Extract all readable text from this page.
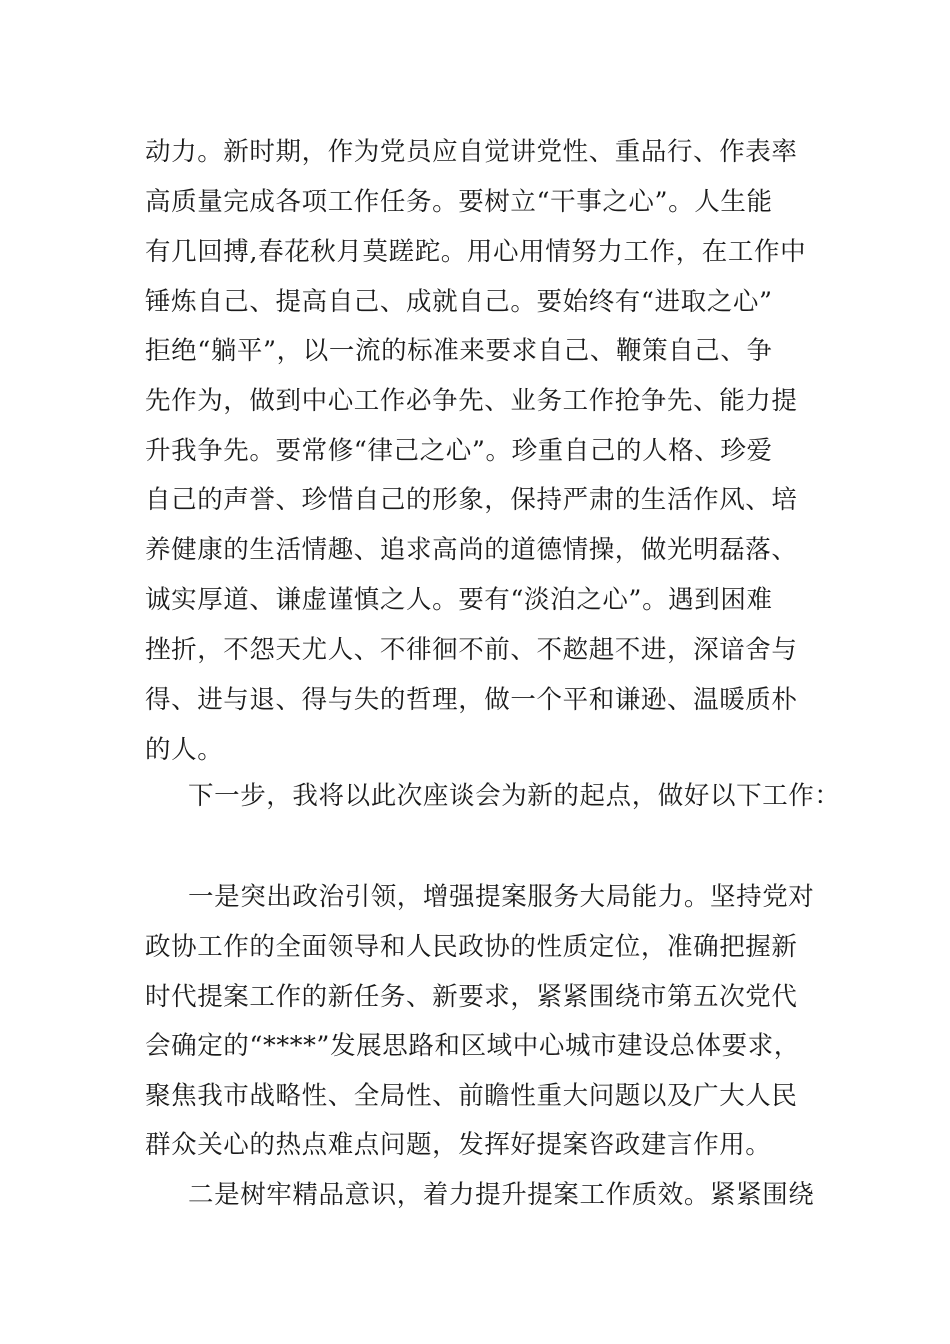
动力。新时期，作为党员应自觉讲党性、重品行、作表率
高质量完成各项工作任务。要树立“干事之心”。人生能
有几回搏,春花秋月莫蹉跎。用心用情努力工作，在工作中
锤炼自己、提高自己、成就自己。要始终有“进取之心”
拒绝“躺平”，以一流的标准来要求自己、鞭策自己、争
先作为，做到中心工作必争先、业务工作抢争先、能力提
升我争先。要常修“律己之心”。珍重自己的人格、珍爱
自己的声誉、珍惜自己的形象，保持严肃的生活作风、培
养健康的生活情趣、追求高尚的道德情操，做光明磊落、
诚实厚道、谦虚谨慎之人。要有“淡泊之心”。遇到困难
挫折，不怨天尤人、不徘徊不前、不趑趄不进，深谙舍与
得、进与退、得与失的哲理，做一个平和谦逊、温暖质朴
的人。
下一步，我将以此次座谈会为新的起点，做好以下工作：
一是突出政治引领，增强提案服务大局能力。坚持党对
政协工作的全面领导和人民政协的性质定位，准确把握新
时代提案工作的新任务、新要求，紧紧围绕市第五次党代
会确定的“****”发展思路和区域中心城市建设总体要求，
聚焦我市战略性、全局性、前瞻性重大问题以及广大人民
群众关心的热点难点问题，发挥好提案咨政建言作用。
二是树牢精品意识，着力提升提案工作质效。紧紧围绕
